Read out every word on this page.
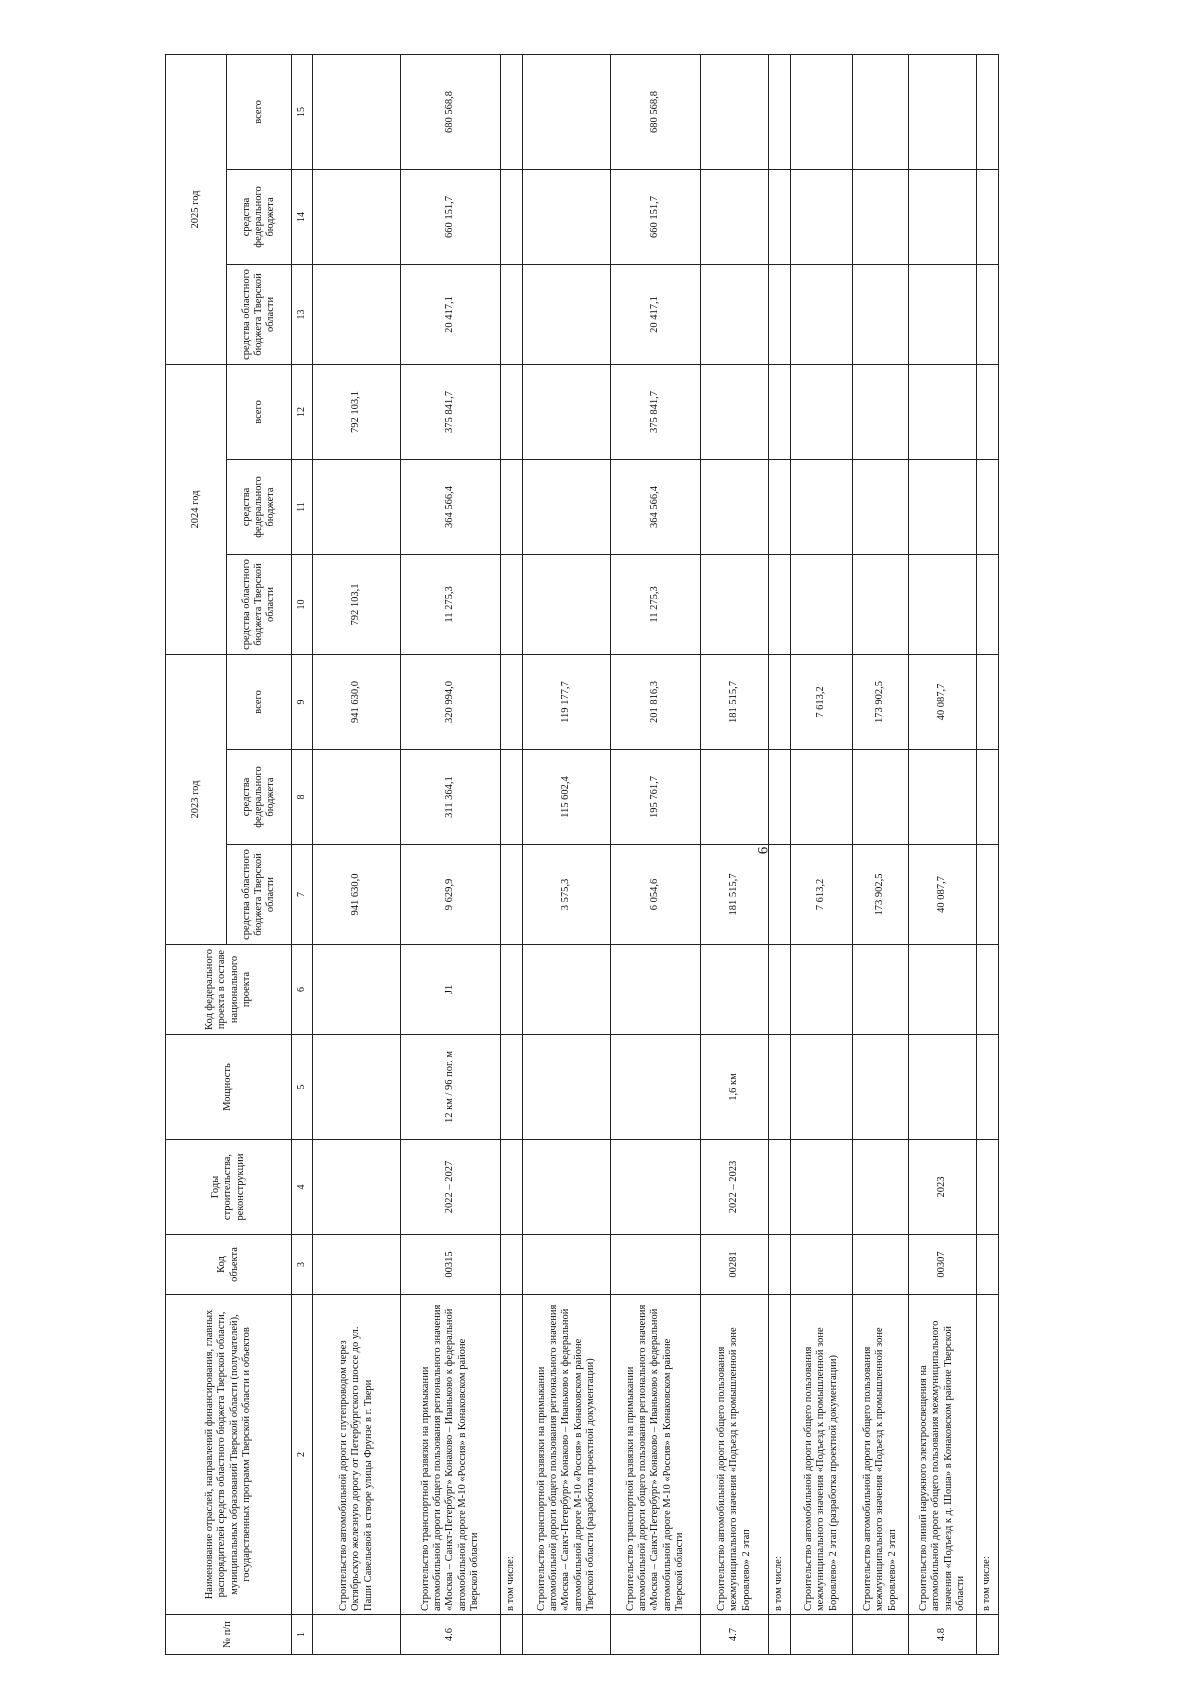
6
№ п/п	Наименование отраслей, направлений финансирования, главных распорядителей средств областного бюджета Тверской области, муниципальных образований Тверской области (получателей), государственных программ Тверской области и объектов	Код объекта	Годы строительства, реконструкции	Мощность	Код федерального проекта в составе национального проекта	2023 год			2024 год			2025 год		
						средства областного бюджета Тверской области	средства федерального бюджета	всего	средства областного бюджета Тверской области	средства федерального бюджета	всего	средства областного бюджета Тверской области	средства федерального бюджета	всего
1	2	3	4	5	6	7	8	9	10	11	12	13	14	15
	Строительство автомобильной дороги с путепроводом через Октябрьскую железную дорогу от Петербургского шоссе до ул. Паши Савельевой в створе улицы Фрунзе в г. Твери					941 630,0		941 630,0	792 103,1		792 103,1			
4.6	Строительство транспортной развязки на примыкании автомобильной дороги общего пользования регионального значения «Москва – Санкт-Петербург» Конаково – Иваньково к федеральной автомобильной дороге М-10 «Россия» в Конаковском районе Тверской области	00315	2022 – 2027	12 км / 96 пог. м	J1	9 629,9	311 364,1	320 994,0	11 275,3	364 566,4	375 841,7	20 417,1	660 151,7	680 568,8
	в том числе:													
	Строительство транспортной развязки на примыкании автомобильной дороги общего пользования регионального значения «Москва – Санкт-Петербург» Конаково – Иваньково к федеральной автомобильной дороге М-10 «Россия» в Конаковском районе Тверской области (разработка проектной документации)					3 575,3	115 602,4	119 177,7						
	Строительство транспортной развязки на примыкании автомобильной дороги общего пользования регионального значения «Москва – Санкт-Петербург» Конаково – Иваньково к федеральной автомобильной дороге М-10 «Россия» в Конаковском районе Тверской области					6 054,6	195 761,7	201 816,3	11 275,3	364 566,4	375 841,7	20 417,1	660 151,7	680 568,8
4.7	Строительство автомобильной дороги общего пользования межмуниципального значения «Подъезд к промышленной зоне Боровлево» 2 этап	00281	2022 – 2023	1,6 км		181 515,7		181 515,7						
	в том числе:													
	Строительство автомобильной дороги общего пользования межмуниципального значения «Подъезд к промышленной зоне Боровлево» 2 этап (разработка проектной документации)					7 613,2		7 613,2						
	Строительство автомобильной дороги общего пользования межмуниципального значения «Подъезд к промышленной зоне Боровлево» 2 этап					173 902,5		173 902,5						
4.8	Строительство линий наружного электроосвещения на автомобильной дороге общего пользования межмуниципального значения «Подъезд к д. Шоша» в Конаковском районе Тверской области	00307	2023			40 087,7		40 087,7						
	в том числе:													
